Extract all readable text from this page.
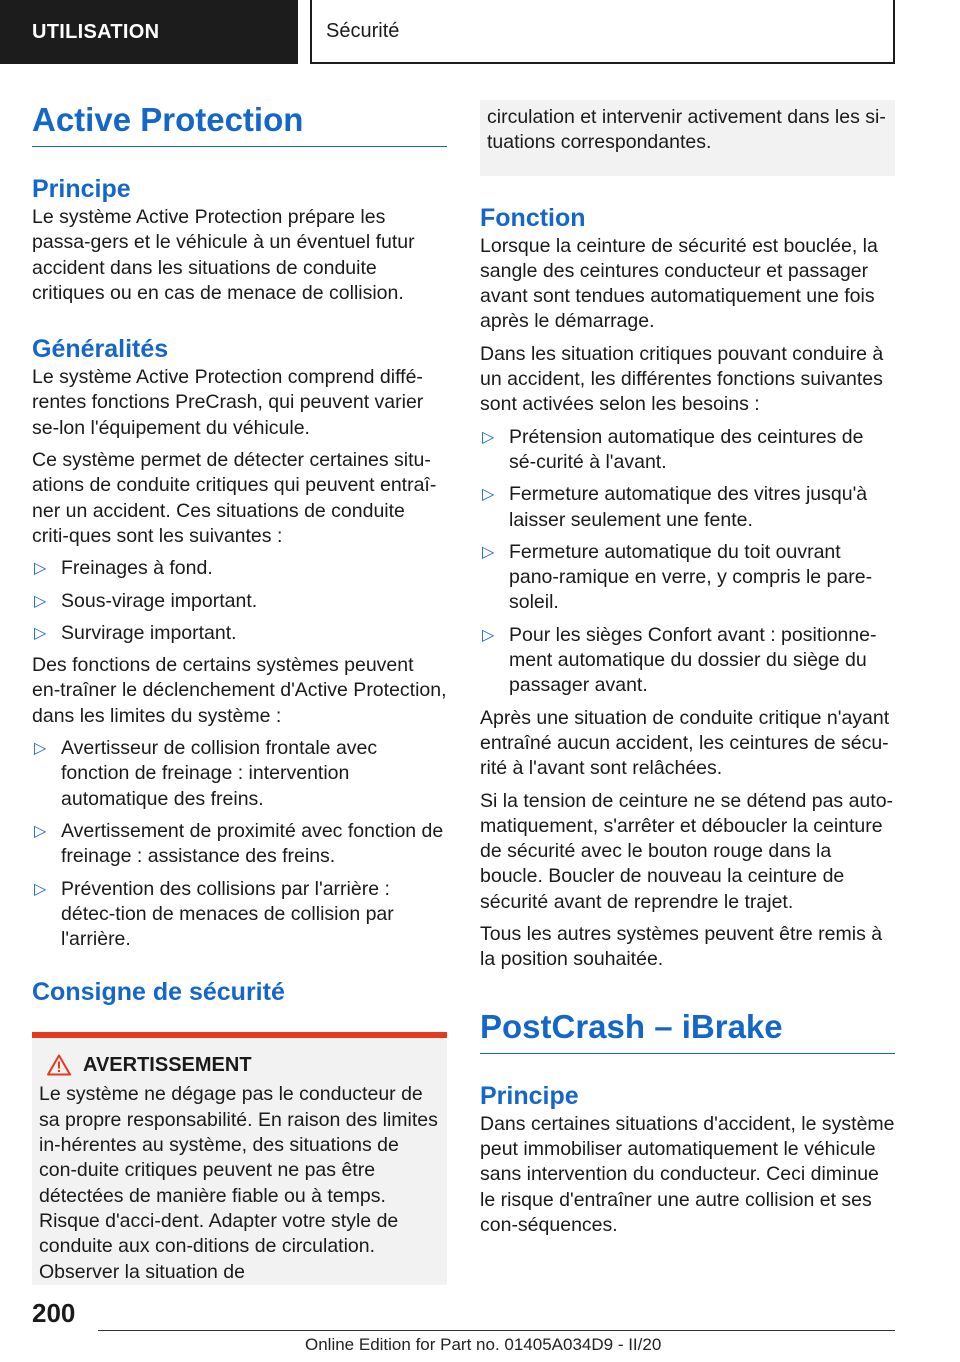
UTILISATION	Sécurité
Active Protection
Principe

Le système Active Protection prépare les passa-gers et le véhicule à un éventuel futur accident dans les situations de conduite critiques ou en cas de menace de collision.

Généralités

Le système Active Protection comprend diffé-rentes fonctions PreCrash, qui peuvent varier se-lon l'équipement du véhicule.

Ce système permet de détecter certaines situ-ations de conduite critiques qui peuvent entraî-ner un accident. Ces situations de conduite criti-ques sont les suivantes :

▷ Freinages à fond.
▷ Sous-virage important.
▷ Survirage important.

Des fonctions de certains systèmes peuvent en-traîner le déclenchement d'Active Protection, dans les limites du système :

▷ Avertisseur de collision frontale avec fonction de freinage : intervention automatique des freins.
▷ Avertissement de proximité avec fonction de freinage : assistance des freins.
▷ Prévention des collisions par l'arrière : détec-tion de menaces de collision par l'arrière.
Consigne de sécurité
AVERTISSEMENT

Le système ne dégage pas le conducteur de sa propre responsabilité. En raison des limites in-hérentes au système, des situations de con-duite critiques peuvent ne pas être détectées de manière fiable ou à temps. Risque d'acci-dent. Adapter votre style de conduite aux con-ditions de circulation. Observer la situation de

circulation et intervenir activement dans les si-tuations correspondantes.

Fonction

Lorsque la ceinture de sécurité est bouclée, la sangle des ceintures conducteur et passager avant sont tendues automatiquement une fois après le démarrage.

Dans les situation critiques pouvant conduire à un accident, les différentes fonctions suivantes sont activées selon les besoins :

▷ Prétension automatique des ceintures de sé-curité à l'avant.
▷ Fermeture automatique des vitres jusqu'à laisser seulement une fente.
▷ Fermeture automatique du toit ouvrant pano-ramique en verre, y compris le pare-soleil.
▷ Pour les sièges Confort avant : positionne-ment automatique du dossier du siège du passager avant.

Après une situation de conduite critique n'ayant entraîné aucun accident, les ceintures de sécu-rité à l'avant sont relâchées.

Si la tension de ceinture ne se détend pas auto-matiquement, s'arrêter et déboucler la ceinture de sécurité avec le bouton rouge dans la boucle. Boucler de nouveau la ceinture de sécurité avant de reprendre le trajet.

Tous les autres systèmes peuvent être remis à la position souhaitée.

PostCrash – iBrake
Principe

Dans certaines situations d'accident, le système peut immobiliser automatiquement le véhicule sans intervention du conducteur. Ceci diminue le risque d'entraîner une autre collision et ses con-séquences.

200
Online Edition for Part no. 01405A034D9 - II/20
